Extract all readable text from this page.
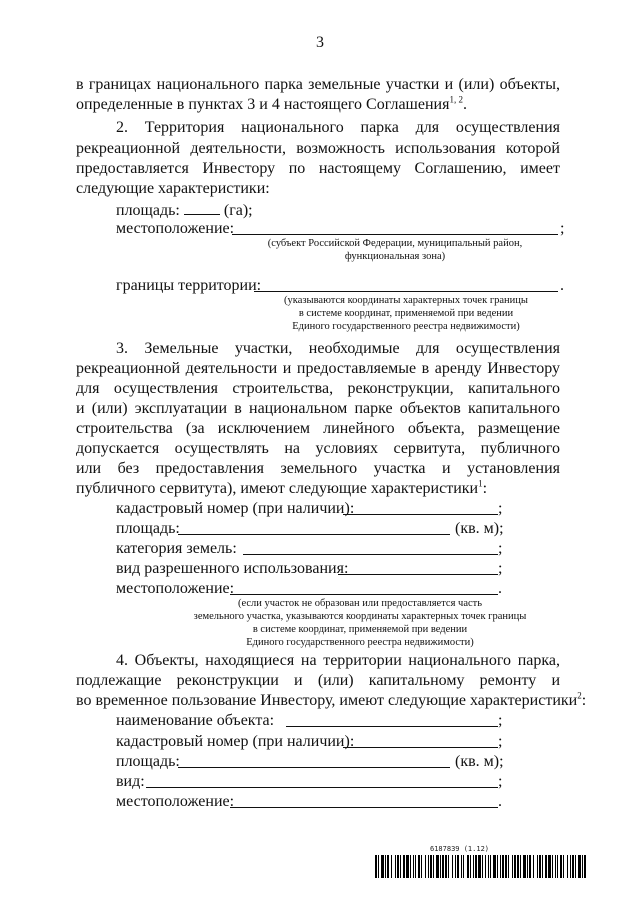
3
в границах национального парка земельные участки и (или) объекты,
определенные в пунктах 3 и 4 настоящего Соглашения$^{1, 2}$.
2. Территория национального парка для осуществления
рекреационной деятельности, возможность использования которой
предоставляется Инвестору по настоящему Соглашению, имеет
следующие характеристики:
площадь:	(га);
местоположение:	;
(субъект Российской Федерации, муниципальный район,
функциональная зона)
границы территории:	.
(указываются координаты характерных точек границы
в системе координат, применяемой при ведении
Единого государственного реестра недвижимости)
3. Земельные участки, необходимые для осуществления
рекреационной деятельности и предоставляемые в аренду Инвестору
для осуществления строительства, реконструкции, капитального
и (или) эксплуатации в национальном парке объектов капитального
строительства (за исключением линейного объекта, размещение
допускается осуществлять на условиях сервитута, публичного
или без предоставления земельного участка и установления
публичного сервитута), имеют следующие характеристики$^1$:
кадастровый номер (при наличии):	;
площадь:	(кв. м);
категория земель:	;
вид разрешенного использования:	;
местоположение:	.
(если участок не образован или предоставляется часть
земельного участка, указываются координаты характерных точек границы
в системе координат, применяемой при ведении
Единого государственного реестра недвижимости)
4. Объекты, находящиеся на территории национального парка,
подлежащие реконструкции и (или) капитальному ремонту и
во временное пользование Инвестору, имеют следующие характеристики$^2$:
наименование объекта:	;
кадастровый номер (при наличии):	;
площадь:	(кв. м);
вид:	;
местоположение:	.
6187839 (1.12)
